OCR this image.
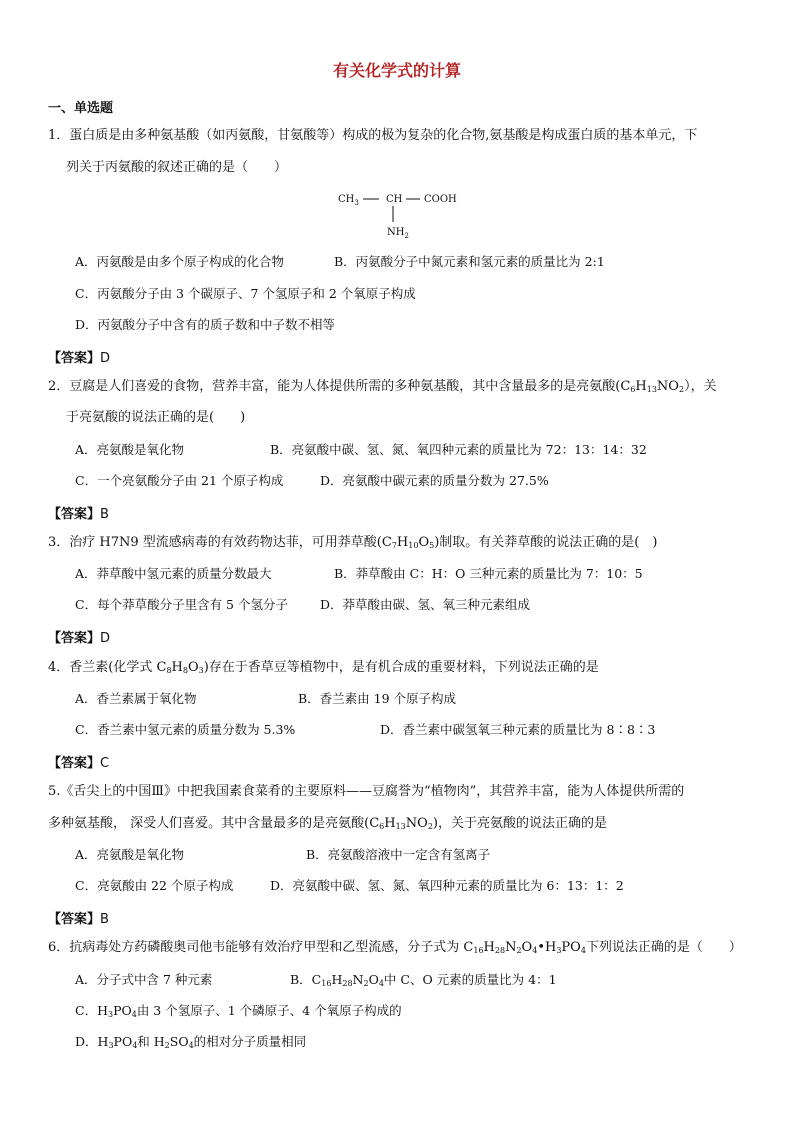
有关化学式的计算
一、单选题
1．蛋白质是由多种氨基酸（如丙氨酸，甘氨酸等）构成的极为复杂的化合物,氨基酸是构成蛋白质的基本单元，下
列关于丙氨酸的叙述正确的是（　　）
$CH_3$	CH COOH
$NH_2$
A．丙氨酸是由多个原子构成的化合物	B．丙氨酸分子中氮元素和氢元素的质量比为 2:1
C．丙氨酸分子由 3 个碳原子、7 个氢原子和 2 个氧原子构成
D．丙氨酸分子中含有的质子数和中子数不相等
【答案】D
2．豆腐是人们喜爱的食物，营养丰富，能为人体提供所需的多种氨基酸，其中含量最多的是亮氨酸$(C_6H_{13}NO_2)$，关
于亮氨酸的说法正确的是(　　)
A．亮氨酸是氧化物	B．亮氨酸中碳、氢、氮、氧四种元素的质量比为 72：13：14：32
C．一个亮氨酸分子由 21 个原子构成	D．亮氨酸中碳元素的质量分数为 27.5%
【答案】B
3．治疗 H7N9 型流感病毒的有效药物达菲，可用莽草酸$(C_7H_{10}O_5)$制取。有关莽草酸的说法正确的是(　)
A．莽草酸中氢元素的质量分数最大	B．莽草酸由 C：H：O 三种元素的质量比为 7：10：5
C．每个莽草酸分子里含有 5 个氢分子	D．莽草酸由碳、氢、氧三种元素组成
【答案】D
4．香兰素(化学式 $C_8H_8O_3$)存在于香草豆等植物中，是有机合成的重要材料，下列说法正确的是
A．香兰素属于氧化物	B．香兰素由 19 个原子构成
C．香兰素中氢元素的质量分数为 5.3%	D．香兰素中碳氢氧三种元素的质量比为 8∶8∶3
【答案】C
5.《舌尖上的中国Ⅲ》中把我国素食菜肴的主要原料——豆腐誉为“植物肉”，其营养丰富，能为人体提供所需的
多种氨基酸， 深受人们喜爱。其中含量最多的是亮氨酸$(C_6H_{13}NO_2)$，关于亮氨酸的说法正确的是
A．亮氨酸是氧化物	B．亮氨酸溶液中一定含有氢离子
C．亮氨酸由 22 个原子构成	D．亮氨酸中碳、氢、氮、氧四种元素的质量比为 6：13：1：2
【答案】B
6．抗病毒处方药磷酸奥司他韦能够有效治疗甲型和乙型流感，分子式为 $C_{16}H_{28}N_2O_4•H_3PO_4$下列说法正确的是（　　）
A．分子式中含 7 种元素	B．$C_{16}H_{28}N_2O_4$中 C、O 元素的质量比为 4：1
C．$H_3PO_4$由 3 个氢原子、1 个磷原子、4 个氧原子构成的
D．$H_3PO_4$和 $H_2SO_4$的相对分子质量相同
